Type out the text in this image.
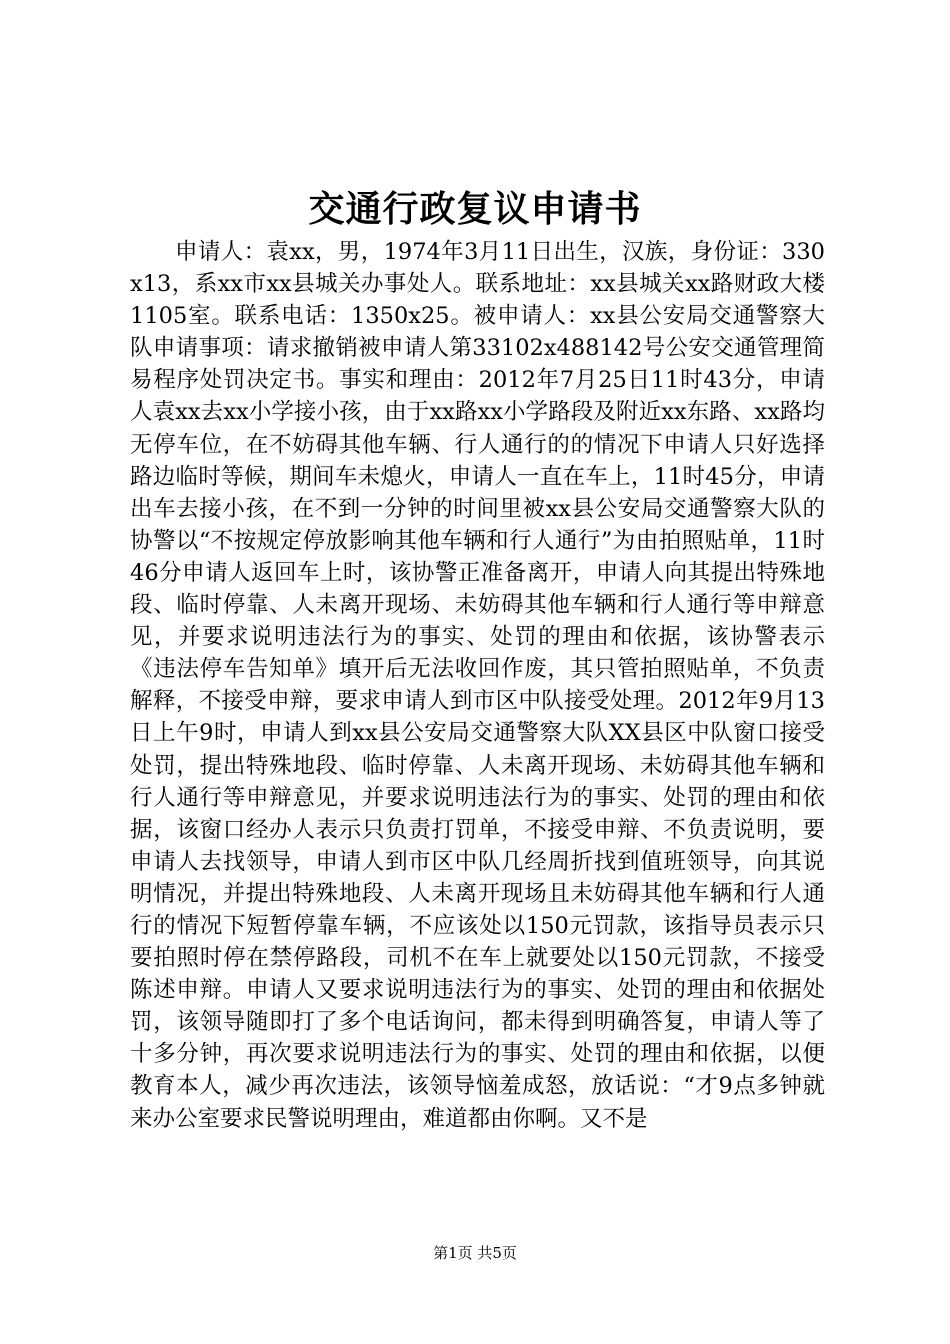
交通行政复议申请书

申请人：袁xx，男，1974年3月11日出生，汉族，身份证：330x13，系xx市xx县城关办事处人。联系地址：xx县城关xx路财政大楼1105室。联系电话：1350x25。被申请人：xx县公安局交通警察大队申请事项：请求撤销被申请人第33102x488142号公安交通管理简易程序处罚决定书。事实和理由：2012年7月25日11时43分，申请人袁xx去xx小学接小孩，由于xx路xx小学路段及附近xx东路、xx路均无停车位，在不妨碍其他车辆、行人通行的的情况下申请人只好选择路边临时等候，期间车未熄火，申请人一直在车上，11时45分，申请出车去接小孩，在不到一分钟的时间里被xx县公安局交通警察大队的协警以“不按规定停放影响其他车辆和行人通行”为由拍照贴单，11时46分申请人返回车上时，该协警正准备离开，申请人向其提出特殊地段、临时停靠、人未离开现场、未妨碍其他车辆和行人通行等申辩意见，并要求说明违法行为的事实、处罚的理由和依据，该协警表示《违法停车告知单》填开后无法收回作废，其只管拍照贴单，不负责解释，不接受申辩，要求申请人到市区中队接受处理。2012年9月13日上午9时，申请人到xx县公安局交通警察大队XX县区中队窗口接受处罚，提出特殊地段、临时停靠、人未离开现场、未妨碍其他车辆和行人通行等申辩意见，并要求说明违法行为的事实、处罚的理由和依据，该窗口经办人表示只负责打罚单，不接受申辩、不负责说明，要申请人去找领导，申请人到市区中队几经周折找到值班领导，向其说明情况，并提出特殊地段、人未离开现场且未妨碍其他车辆和行人通行的情况下短暂停靠车辆，不应该处以150元罚款，该指导员表示只要拍照时停在禁停路段，司机不在车上就要处以150元罚款，不接受陈述申辩。申请人又要求说明违法行为的事实、处罚的理由和依据处罚，该领导随即打了多个电话询问，都未得到明确答复，申请人等了十多分钟，再次要求说明违法行为的事实、处罚的理由和依据，以便教育本人，减少再次违法，该领导恼羞成怒，放话说：“才9点多钟就来办公室要求民警说明理由，难道都由你啊。又不是

第1页 共5页
